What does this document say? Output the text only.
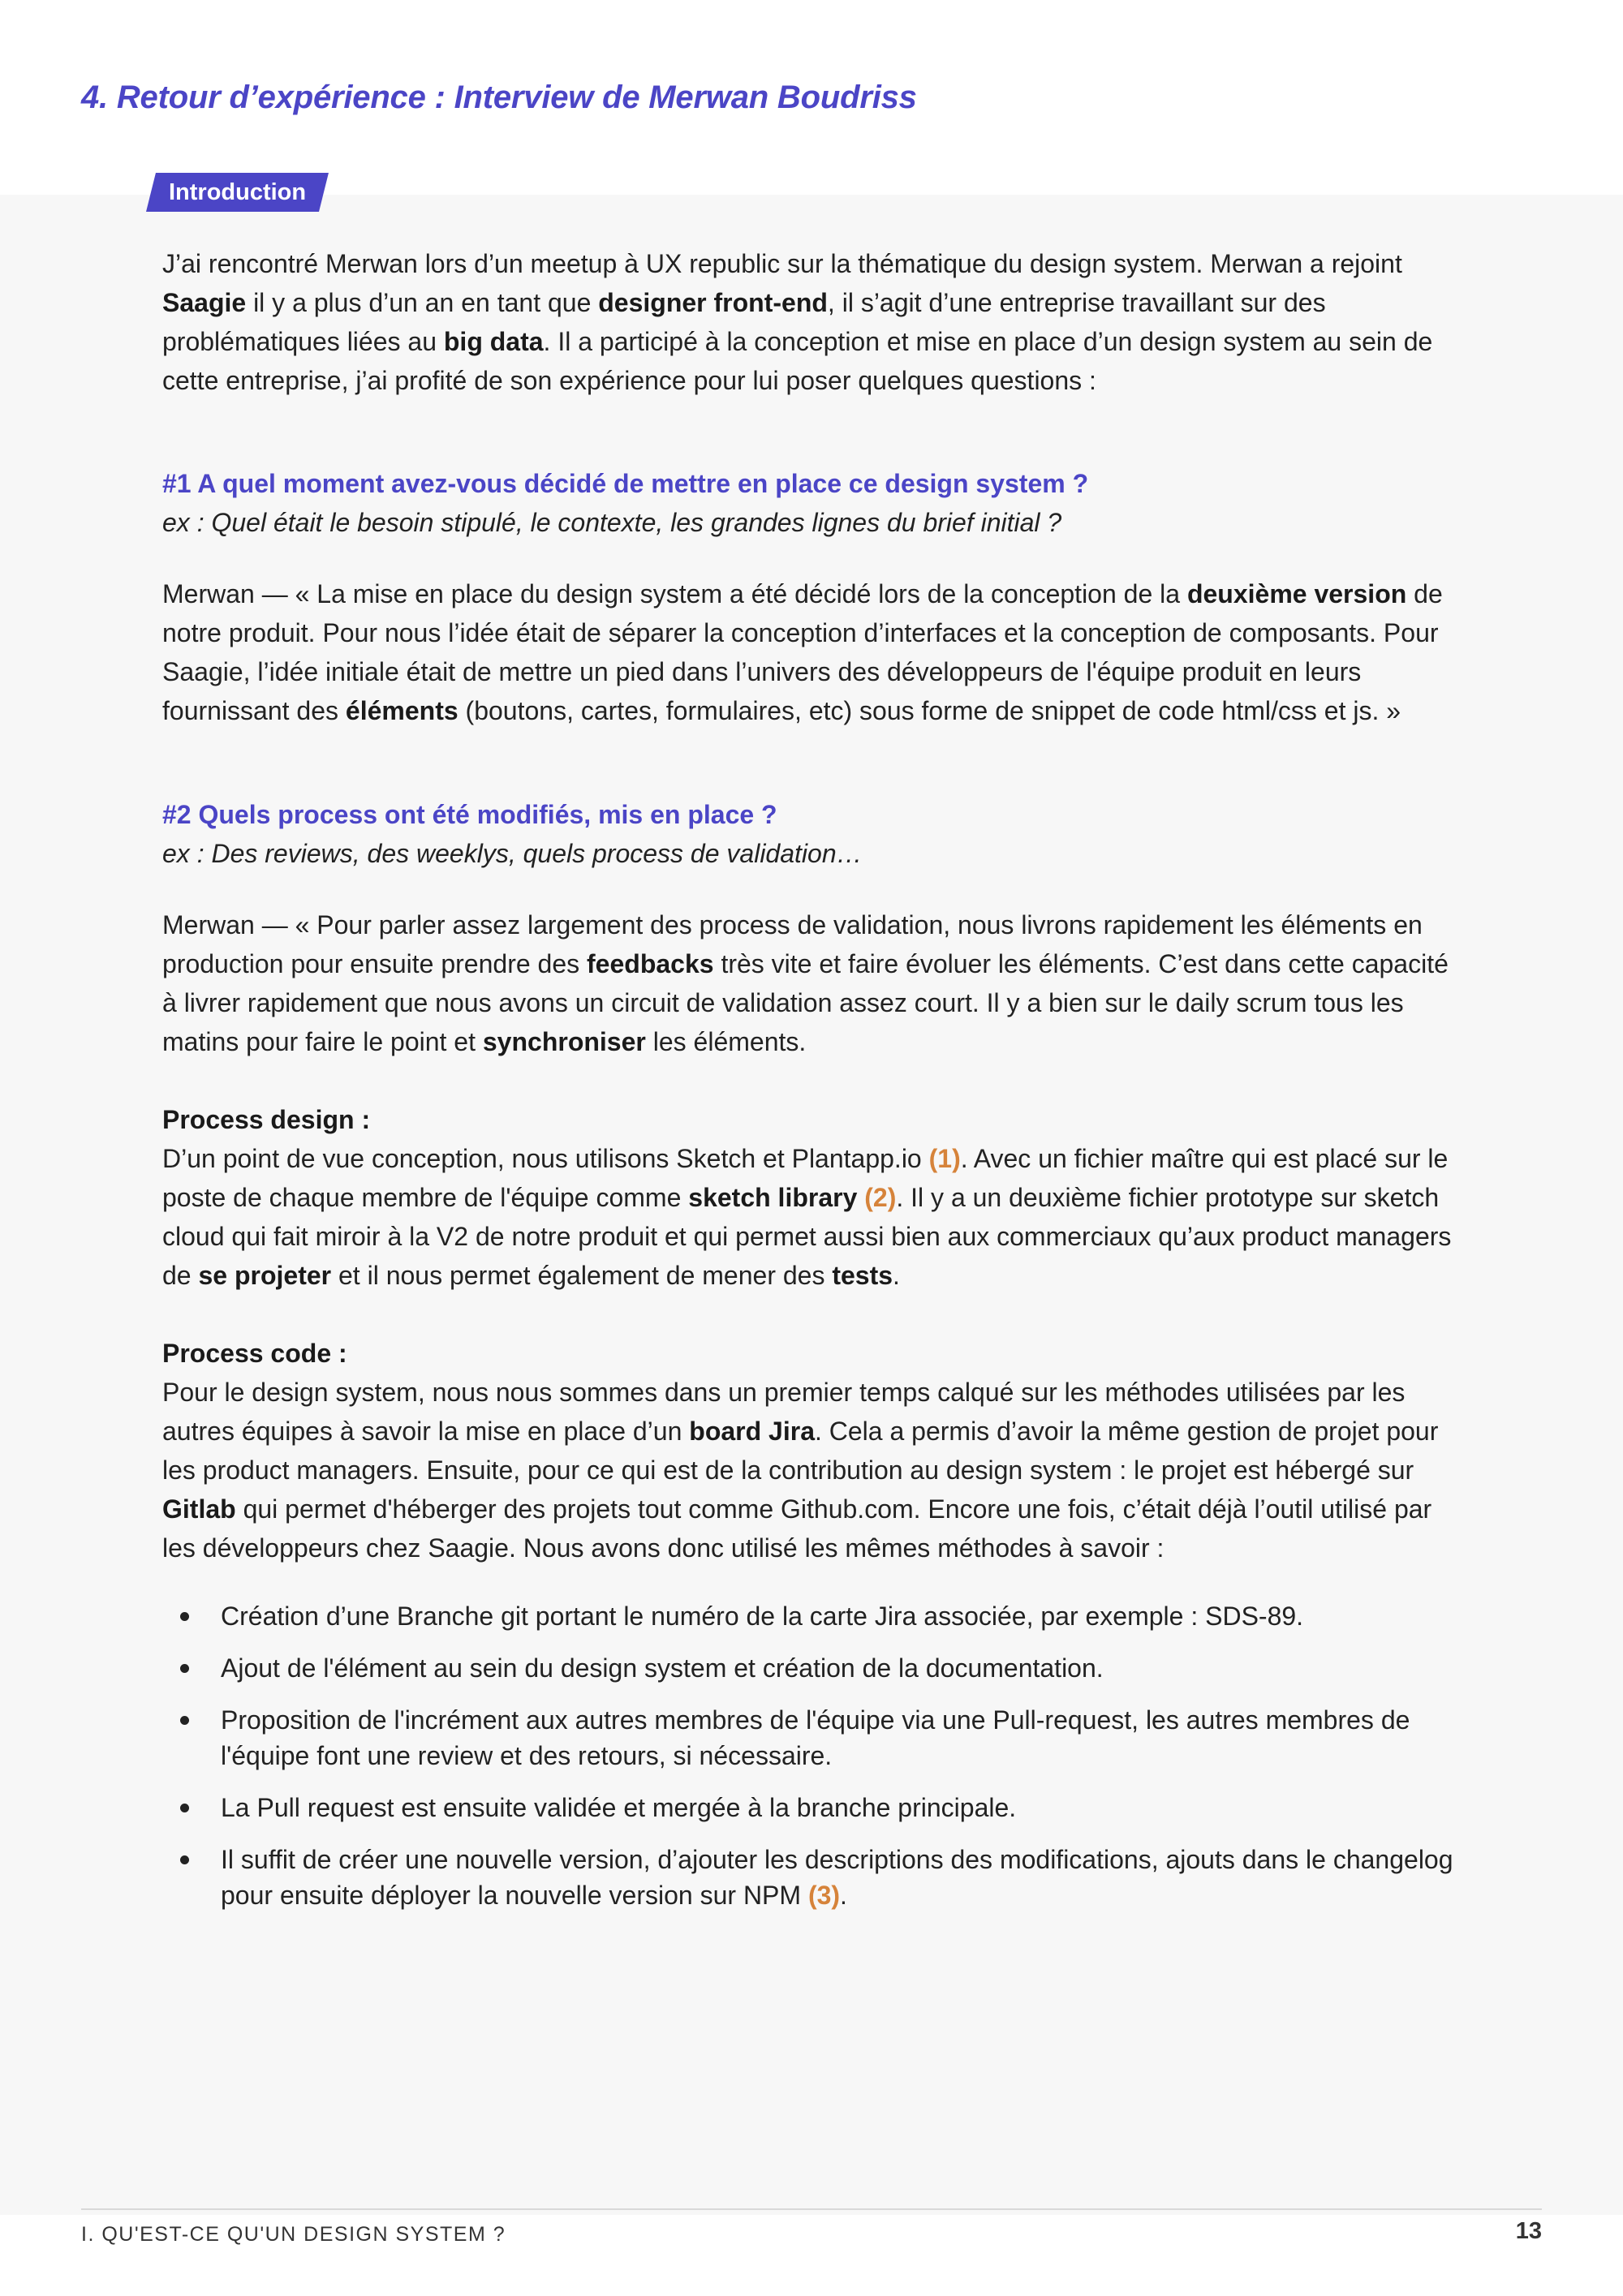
4. Retour d’expérience : Interview de Merwan Boudriss
Introduction

J’ai rencontré Merwan lors d’un meetup à UX republic sur la thématique du design system. Merwan a rejoint Saagie il y a plus d’un an en tant que designer front-end, il s’agit d’une entreprise travaillant sur des problématiques liées au big data. Il a participé à la conception et mise en place d’un design system au sein de cette entreprise, j’ai profité de son expérience pour lui poser quelques questions :

#1 A quel moment avez-vous décidé de mettre en place ce design system ?
ex : Quel était le besoin stipulé, le contexte, les grandes lignes du brief initial ?

Merwan — « La mise en place du design system a été décidé lors de la conception de la deuxième version de notre produit. Pour nous l’idée était de séparer la conception d’interfaces et la conception de composants. Pour Saagie, l’idée initiale était de mettre un pied dans l’univers des développeurs de l'équipe produit en leurs fournissant des éléments (boutons, cartes, formulaires, etc) sous forme de snippet de code html/css et js. »

#2 Quels process ont été modifiés, mis en place ?
ex : Des reviews, des weeklys, quels process de validation…

Merwan — « Pour parler assez largement des process de validation, nous livrons rapidement les éléments en production pour ensuite prendre des feedbacks très vite et faire évoluer les éléments. C’est dans cette capacité à livrer rapidement que nous avons un circuit de validation assez court. Il y a bien sur le daily scrum tous les matins pour faire le point et synchroniser les éléments.

Process design :
D’un point de vue conception, nous utilisons Sketch et Plantapp.io (1). Avec un fichier maître qui est placé sur le poste de chaque membre de l'équipe comme sketch library (2). Il y a un deuxième fichier prototype sur sketch cloud qui fait miroir à la V2 de notre produit et qui permet aussi bien aux commerciaux qu’aux product managers de se projeter et il nous permet également de mener des tests.
Process code :
Pour le design system, nous nous sommes dans un premier temps calqué sur les méthodes utilisées par les autres équipes à savoir la mise en place d’un board Jira. Cela a permis d’avoir la même gestion de projet pour les product managers. Ensuite, pour ce qui est de la contribution au design system : le projet est hébergé sur Gitlab qui permet d'héberger des projets tout comme Github.com. Encore une fois, c’était déjà l’outil utilisé par les développeurs chez Saagie. Nous avons donc utilisé les mêmes méthodes à savoir :
Création d’une Branche git portant le numéro de la carte Jira associée, par exemple : SDS-89.
Ajout de l'élément au sein du design system et création de la documentation.
Proposition de l'incrément aux autres membres de l'équipe via une Pull-request, les autres membres de l'équipe font une review et des retours, si nécessaire.
La Pull request est ensuite validée et mergée à la branche principale.
Il suffit de créer une nouvelle version, d’ajouter les descriptions des modifications, ajouts dans le changelog pour ensuite déployer la nouvelle version sur NPM (3).
I. QU'EST-CE QU'UN DESIGN SYSTEM ?	13
